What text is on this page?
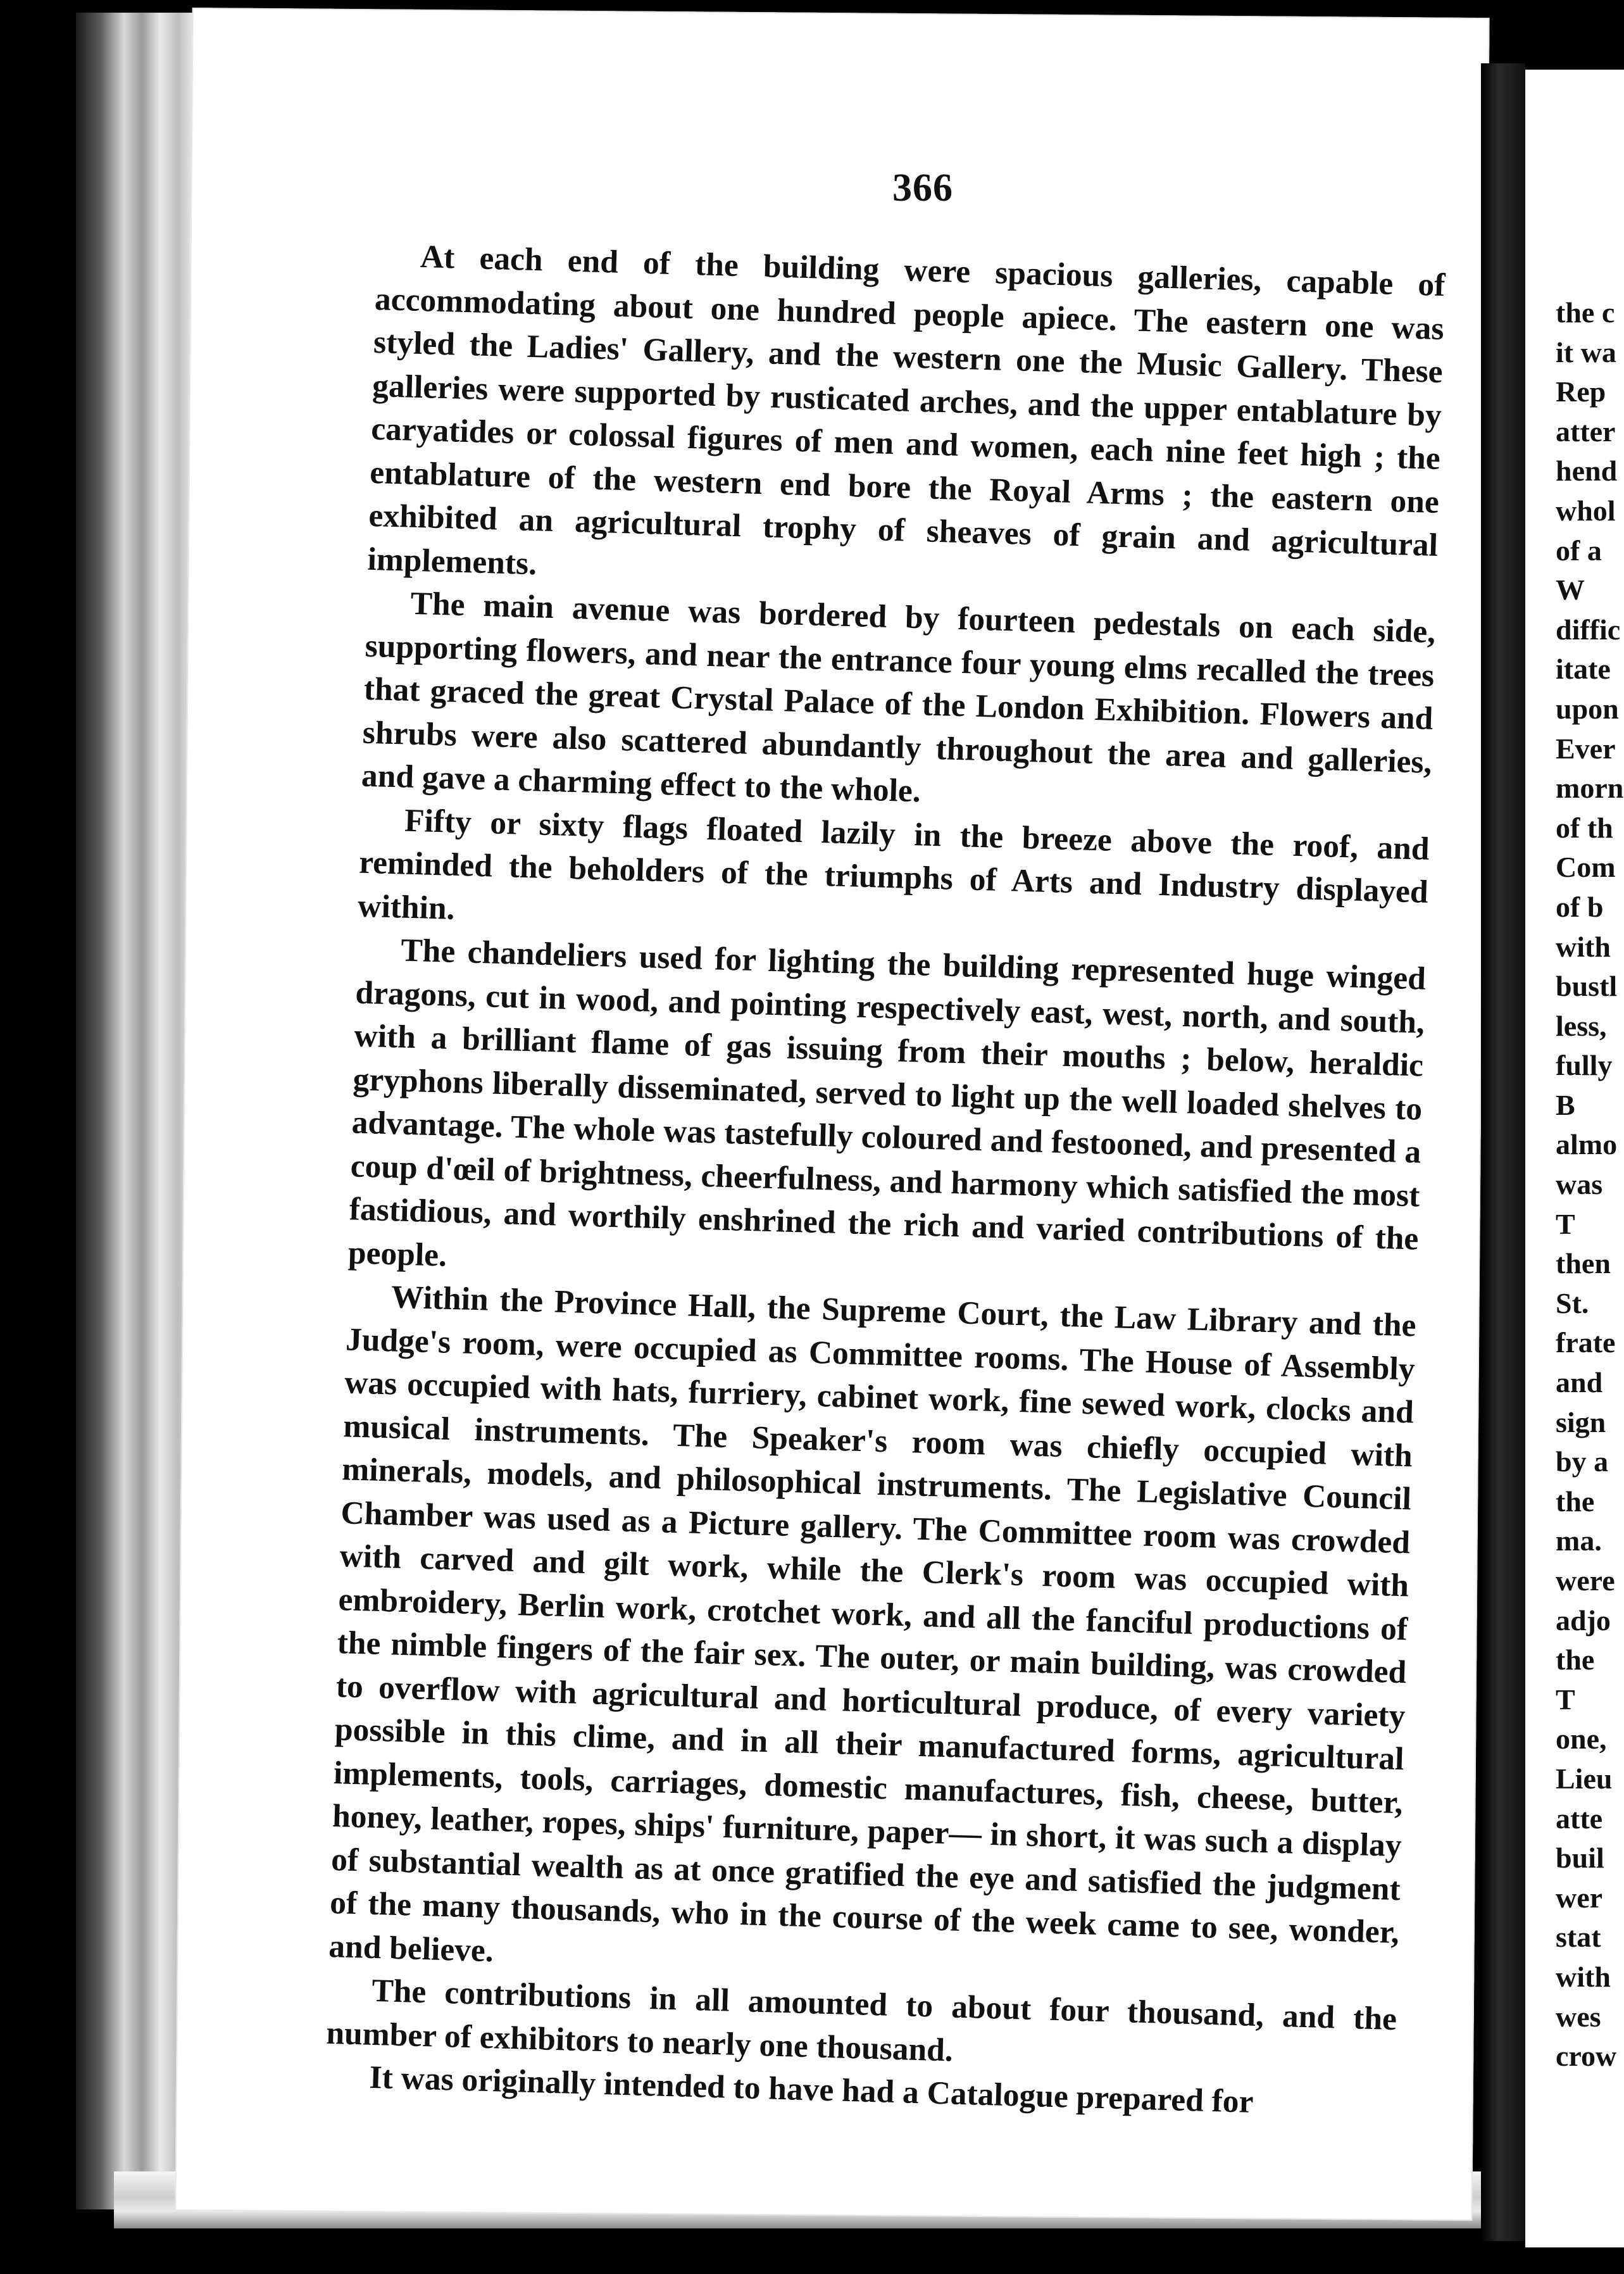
366

At each end of the building were spacious galleries, capable of accommodating about one hundred people apiece. The eastern one was styled the Ladies' Gallery, and the western one the Music Gallery. These galleries were supported by rusticated arches, and the upper entablature by caryatides or colossal figures of men and women, each nine feet high ; the entablature of the western end bore the Royal Arms ; the eastern one exhibited an agricultural trophy of sheaves of grain and agricultural implements.

The main avenue was bordered by fourteen pedestals on each side, supporting flowers, and near the entrance four young elms recalled the trees that graced the great Crystal Palace of the London Exhibition. Flowers and shrubs were also scattered abundantly throughout the area and galleries, and gave a charming effect to the whole.

Fifty or sixty flags floated lazily in the breeze above the roof, and reminded the beholders of the triumphs of Arts and Industry displayed within.

The chandeliers used for lighting the building represented huge winged dragons, cut in wood, and pointing respectively east, west, north, and south, with a brilliant flame of gas issuing from their mouths ; below, heraldic gryphons liberally disseminated, served to light up the well loaded shelves to advantage. The whole was tastefully coloured and festooned, and presented a coup d'œil of brightness, cheerfulness, and harmony which satisfied the most fastidious, and worthily enshrined the rich and varied contributions of the people.

Within the Province Hall, the Supreme Court, the Law Library and the Judge's room, were occupied as Committee rooms. The House of Assembly was occupied with hats, furriery, cabinet work, fine sewed work, clocks and musical instruments. The Speaker's room was chiefly occupied with minerals, models, and philosophical instruments. The Legislative Council Chamber was used as a Picture gallery. The Committee room was crowded with carved and gilt work, while the Clerk's room was occupied with embroidery, Berlin work, crotchet work, and all the fanciful productions of the nimble fingers of the fair sex. The outer, or main building, was crowded to overflow with agricultural and horticultural produce, of every variety possible in this clime, and in all their manufactured forms, agricultural implements, tools, carriages, domestic manufactures, fish, cheese, butter, honey, leather, ropes, ships' furniture, paper— in short, it was such a display of substantial wealth as at once gratified the eye and satisfied the judgment of the many thousands, who in the course of the week came to see, wonder, and believe.

The contributions in all amounted to about four thousand, and the number of exhibitors to nearly one thousand.

It was originally intended to have had a Catalogue prepared for

the c
it wa
Rep
atter
hend
whol
of a
W
diffic
itate
upon
Ever
morn
of th
Com
of b
with
bustl
less,
fully
B
almo
was
T
then
St.
frate
and
sign
by a
the
ma.
were
adjo
the
T
one,
Lieu
atte
buil
wer
stat
with
wes
crow
